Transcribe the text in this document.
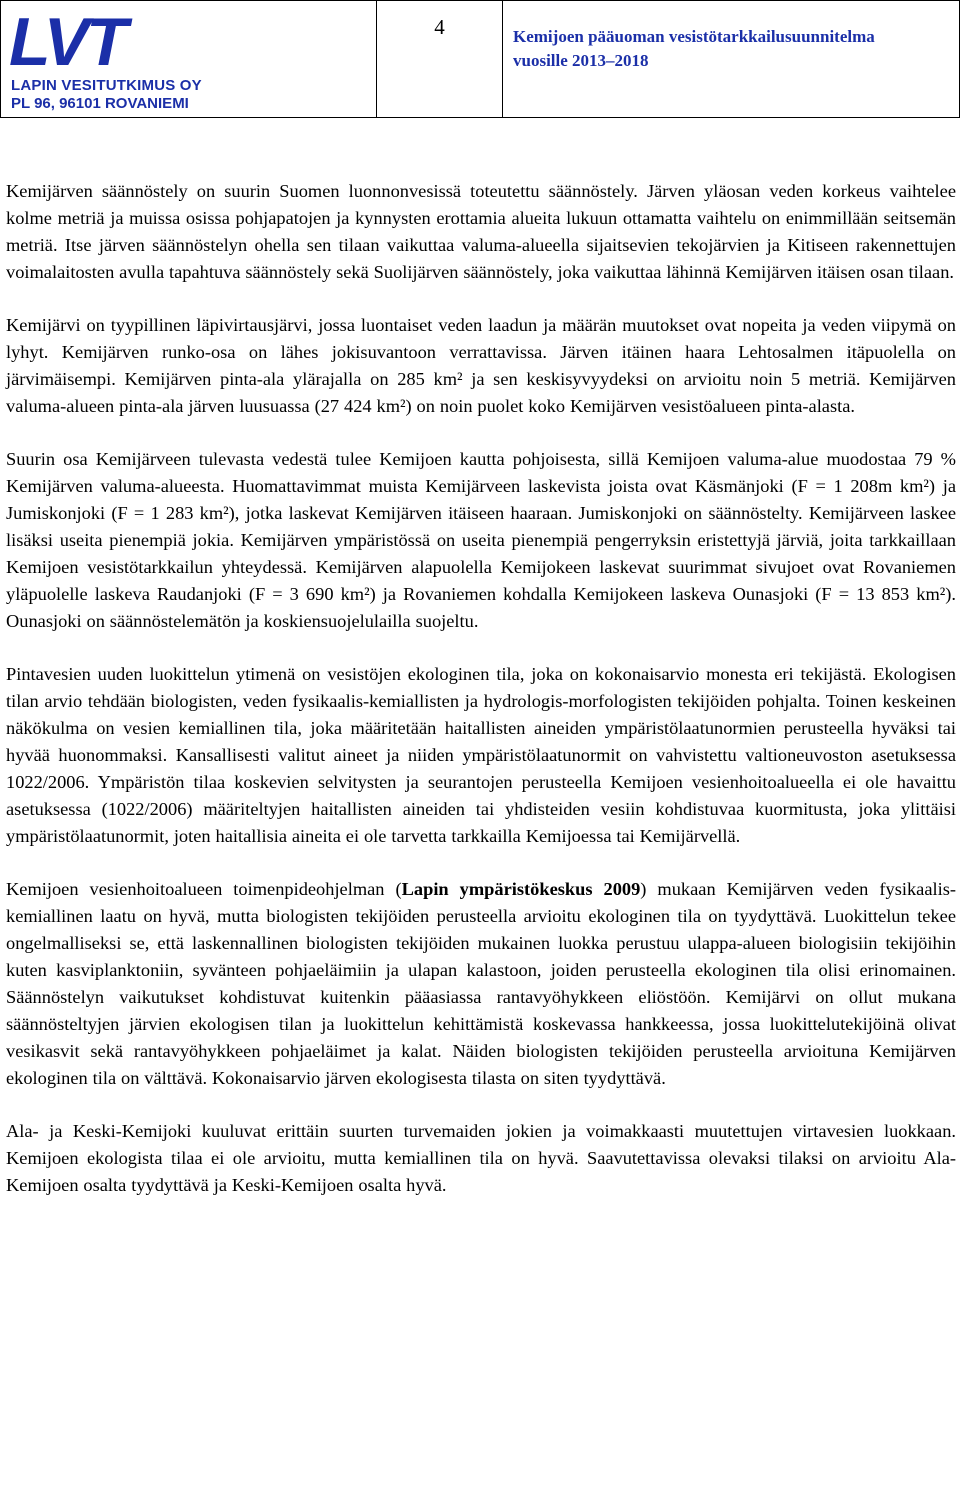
LVT
LAPIN VESITUTKIMUS OY
PL 96, 96101 ROVANIEMI
4	Kemijoen pääuoman vesistötarkkailusuunnitelma
vuosille 2013–2018

Kemijärven säännöstely on suurin Suomen luonnonvesissä toteutettu säännöstely. Järven yläosan veden korkeus vaihtelee kolme metriä ja muissa osissa pohjapatojen ja kynnysten erottamia alueita lukuun ottamatta vaihtelu on enimmillään seitsemän metriä. Itse järven säännöstelyn ohella sen tilaan vaikuttaa valuma-alueella sijaitsevien tekojärvien ja Kitiseen rakennettujen voimalaitosten avulla tapahtuva säännöstely sekä Suolijärven säännöstely, joka vaikuttaa lähinnä Kemijärven itäisen osan tilaan.

Kemijärvi on tyypillinen läpivirtausjärvi, jossa luontaiset veden laadun ja määrän muutokset ovat nopeita ja veden viipymä on lyhyt. Kemijärven runko-osa on lähes jokisuvantoon verrattavissa. Järven itäinen haara Lehtosalmen itäpuolella on järvimäisempi. Kemijärven pinta-ala ylärajalla on 285 km² ja sen keskisyvyydeksi on arvioitu noin 5 metriä. Kemijärven valuma-alueen pinta-ala järven luusuassa (27 424 km²) on noin puolet koko Kemijärven vesistöalueen pinta-alasta.

Suurin osa Kemijärveen tulevasta vedestä tulee Kemijoen kautta pohjoisesta, sillä Kemijoen valuma-alue muodostaa 79 % Kemijärven valuma-alueesta. Huomattavimmat muista Kemijärveen laskevista joista ovat Käsmänjoki (F = 1 208m km²) ja Jumiskonjoki (F = 1 283 km²), jotka laskevat Kemijärven itäiseen haaraan. Jumiskonjoki on säännöstelty. Kemijärveen laskee lisäksi useita pienempiä jokia. Kemijärven ympäristössä on useita pienempiä pengerryksin eristettyjä järviä, joita tarkkaillaan Kemijoen vesistötarkkailun yhteydessä. Kemijärven alapuolella Kemijokeen laskevat suurimmat sivujoet ovat Rovaniemen yläpuolelle laskeva Raudanjoki (F = 3 690 km²) ja Rovaniemen kohdalla Kemijokeen laskeva Ounasjoki (F = 13 853 km²). Ounasjoki on säännöstelemätön ja koskiensuojelulailla suojeltu.

Pintavesien uuden luokittelun ytimenä on vesistöjen ekologinen tila, joka on kokonaisarvio monesta eri tekijästä. Ekologisen tilan arvio tehdään biologisten, veden fysikaalis-kemiallisten ja hydrologis-morfologisten tekijöiden pohjalta. Toinen keskeinen näkökulma on vesien kemiallinen tila, joka määritetään haitallisten aineiden ympäristölaatunormien perusteella hyväksi tai hyvää huonommaksi. Kansallisesti valitut aineet ja niiden ympäristölaatunormit on vahvistettu valtioneuvoston asetuksessa 1022/2006. Ympäristön tilaa koskevien selvitysten ja seurantojen perusteella Kemijoen vesienhoitoalueella ei ole havaittu asetuksessa (1022/2006) määriteltyjen haitallisten aineiden tai yhdisteiden vesiin kohdistuvaa kuormitusta, joka ylittäisi ympäristölaatunormit, joten haitallisia aineita ei ole tarvetta tarkkailla Kemijoessa tai Kemijärvellä.

Kemijoen vesienhoitoalueen toimenpideohjelman (Lapin ympäristökeskus 2009) mukaan Kemijärven veden fysikaalis-kemiallinen laatu on hyvä, mutta biologisten tekijöiden perusteella arvioitu ekologinen tila on tyydyttävä. Luokittelun tekee ongelmalliseksi se, että laskennallinen biologisten tekijöiden mukainen luokka perustuu ulappa-alueen biologisiin tekijöihin kuten kasviplanktoniin, syvänteen pohjaeläimiin ja ulapan kalastoon, joiden perusteella ekologinen tila olisi erinomainen. Säännöstelyn vaikutukset kohdistuvat kuitenkin pääasiassa rantavyöhykkeen eliöstöön. Kemijärvi on ollut mukana säännösteltyjen järvien ekologisen tilan ja luokittelun kehittämistä koskevassa hankkeessa, jossa luokittelutekijöinä olivat vesikasvit sekä rantavyöhykkeen pohjaeläimet ja kalat. Näiden biologisten tekijöiden perusteella arvioituna Kemijärven ekologinen tila on välttävä. Kokonaisarvio järven ekologisesta tilasta on siten tyydyttävä.

Ala- ja Keski-Kemijoki kuuluvat erittäin suurten turvemaiden jokien ja voimakkaasti muutettujen virtavesien luokkaan. Kemijoen ekologista tilaa ei ole arvioitu, mutta kemiallinen tila on hyvä. Saavutettavissa olevaksi tilaksi on arvioitu Ala-Kemijoen osalta tyydyttävä ja Keski-Kemijoen osalta hyvä.
